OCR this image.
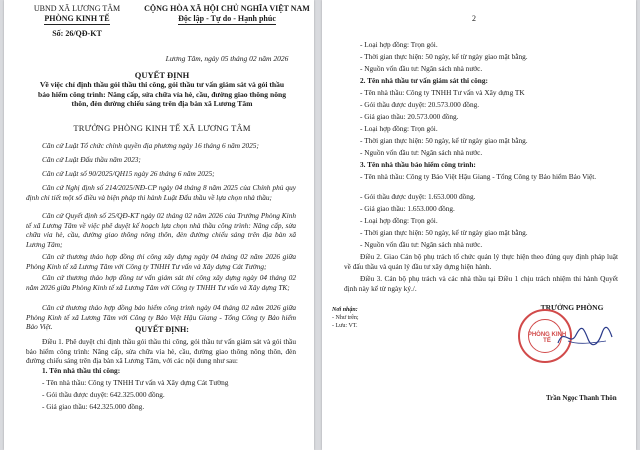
UBND XÃ LƯƠNG TÂM
PHÒNG KINH TẾ
Số: 26/QĐ-KT
CỘNG HÒA XÃ HỘI CHỦ NGHĨA VIỆT NAM
Độc lập - Tự do - Hạnh phúc
Lương Tâm, ngày 05 tháng 02 năm 2026
QUYẾT ĐỊNH
Về việc chỉ định thầu gói thầu thi công, gói thầu tư vấn giám sát và gói thầu
bảo hiểm công trình: Nâng cấp, sửa chữa vỉa hè, cầu, đường giao thông nông
thôn, đèn đường chiếu sáng trên địa bàn xã Lương Tâm
TRƯỞNG PHÒNG KINH TẾ XÃ LƯƠNG TÂM
Căn cứ Luật Tổ chức chính quyền địa phương ngày 16 tháng 6 năm 2025;
Căn cứ Luật Đấu thầu năm 2023;
Căn cứ Luật số 90/2025/QH15 ngày 26 tháng 6 năm 2025;
Căn cứ Nghị định số 214/2025/NĐ-CP ngày 04 tháng 8 năm 2025 của Chính phủ quy định chi tiết một số điều và biện pháp thi hành Luật Đấu thầu về lựa chọn nhà thầu;
Căn cứ Quyết định số 25/QĐ-KT ngày 02 tháng 02 năm 2026 của Trưởng Phòng Kinh tế xã Lương Tâm về việc phê duyệt kế hoạch lựa chọn nhà thầu công trình: Nâng cấp, sửa chữa vỉa hè, cầu, đường giao thông nông thôn, đèn đường chiếu sáng trên địa bàn xã Lương Tâm;
Căn cứ thương thảo hợp đồng thi công xây dựng ngày 04 tháng 02 năm 2026 giữa Phòng Kinh tế xã Lương Tâm với Công ty TNHH Tư vấn và Xây dựng Cát Tường;
Căn cứ thương thảo hợp đồng tư vấn giám sát thi công xây dựng ngày 04 tháng 02 năm 2026 giữa Phòng Kinh tế xã Lương Tâm với Công ty TNHH Tư vấn và Xây dựng TK;
Căn cứ thương thảo hợp đồng bảo hiểm công trình ngày 04 tháng 02 năm 2026 giữa Phòng Kinh tế xã Lương Tâm với Công ty Bảo Việt Hậu Giang - Tổng Công ty Bảo hiểm Bảo Việt.	QUYẾT ĐỊNH:
Điều 1. Phê duyệt chỉ định thầu gói thầu thi công, gói thầu tư vấn giám sát và gói thầu bảo hiểm công trình: Nâng cấp, sửa chữa vỉa hè, cầu, đường giao thông nông thôn, đèn đường chiếu sáng trên địa bàn xã Lương Tâm, với các nội dung như sau:
1. Tên nhà thầu thi công:
- Tên nhà thầu: Công ty TNHH Tư vấn và Xây dựng Cát Tường
- Gói thầu được duyệt: 642.325.000 đồng.
- Giá giao thầu: 642.325.000 đồng.
2
- Loại hợp đồng: Trọn gói.
- Thời gian thực hiện: 50 ngày, kể từ ngày giao mặt bằng.
- Nguồn vốn đầu tư: Ngân sách nhà nước.
2. Tên nhà thầu tư vấn giám sát thi công:
- Tên nhà thầu: Công ty TNHH Tư vấn và Xây dựng TK
- Gói thầu được duyệt: 20.573.000 đồng.
- Giá giao thầu: 20.573.000 đồng.
- Loại hợp đồng: Trọn gói.
- Thời gian thực hiện: 50 ngày, kể từ ngày giao mặt bằng.
- Nguồn vốn đầu tư: Ngân sách nhà nước.
3. Tên nhà thầu bảo hiểm công trình:
- Tên nhà thầu: Công ty Bảo Việt Hậu Giang - Tổng Công ty Bảo hiểm Bảo Việt.
- Gói thầu được duyệt: 1.653.000 đồng.
- Giá giao thầu: 1.653.000 đồng.
- Loại hợp đồng: Trọn gói.
- Thời gian thực hiện: 50 ngày, kể từ ngày giao mặt bằng.
- Nguồn vốn đầu tư: Ngân sách nhà nước.
Điều 2. Giao Cán bộ phụ trách tổ chức quản lý thực hiện theo đúng quy định pháp luật về đấu thầu và quản lý đầu tư xây dựng hiện hành.
Điều 3. Cán bộ phụ trách và các nhà thầu tại Điều 1 chịu trách nhiệm thi hành Quyết định này kể từ ngày ký./.
Nơi nhận:
- Như trên;
- Lưu: VT.
TRƯỞNG PHÒNG
PHÒNG KINH TẾ
Trần Ngọc Thanh Thôn
